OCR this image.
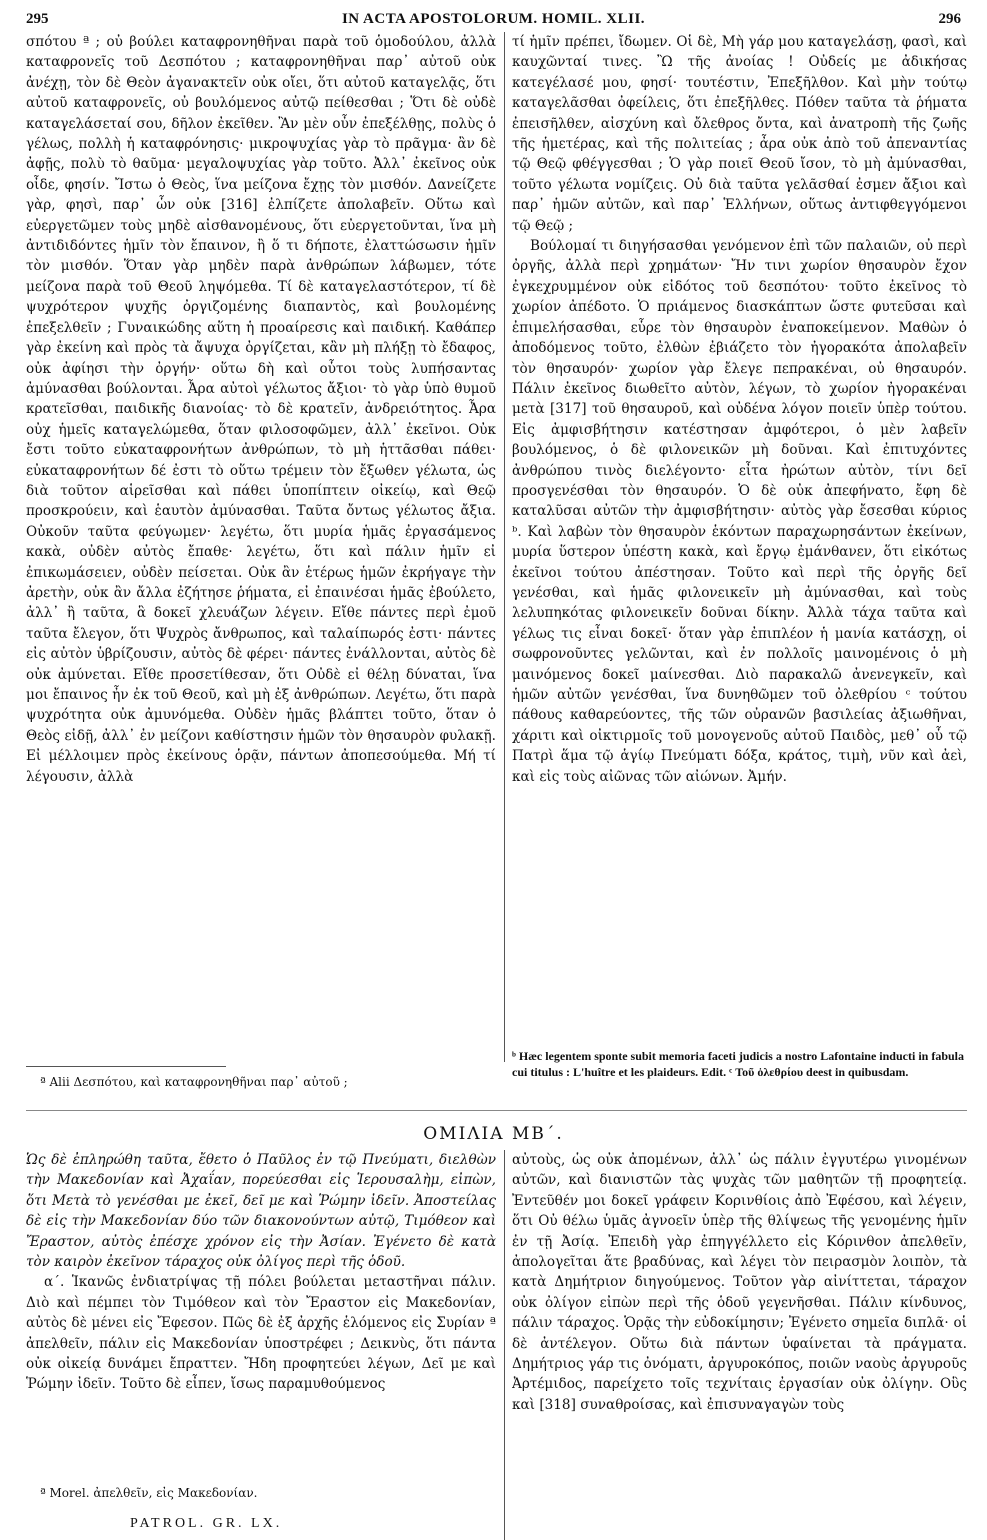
295	IN ACTA APOSTOLORUM. HOMIL. XLII.	296

σπότου ª ; οὐ βούλει καταφρονηθῆναι παρὰ τοῦ ὁμοδούλου, ἀλλὰ καταφρονεῖς τοῦ Δεσπότου ; καταφρονηθῆναι παρ᾽ αὐτοῦ οὐκ ἀνέχῃ, τὸν δὲ Θεὸν ἀγανακτεῖν οὐκ οἴει, ὅτι αὐτοῦ καταγελᾷς, ὅτι αὐτοῦ καταφρονεῖς, οὐ βουλόμενος αὐτῷ πείθεσθαι ; Ὅτι δὲ οὐδὲ καταγελάσεταί σου, δῆλον ἐκεῖθεν. Ἂν μὲν οὖν ἐπεξέλθῃς, πολὺς ὁ γέλως, πολλὴ ἡ καταφρόνησις· μικροψυχίας γὰρ τὸ πρᾶγμα· ἂν δὲ ἀφῇς, πολὺ τὸ θαῦμα· μεγαλοψυχίας γὰρ τοῦτο. Ἀλλ᾽ ἐκεῖνος οὐκ οἶδε, φησίν. Ἴστω ὁ Θεὸς, ἵνα μείζονα ἔχῃς τὸν μισθόν. Δανείζετε γὰρ, φησὶ, παρ᾽ ὧν οὐκ [316] ἐλπίζετε ἀπολαβεῖν. Οὕτω καὶ εὐεργετῶμεν τοὺς μηδὲ αἰσθανομένους, ὅτι εὐεργετοῦνται, ἵνα μὴ ἀντιδιδόντες ἡμῖν τὸν ἔπαινον, ἢ ὅ τι δήποτε, ἐλαττώσωσιν ἡμῖν τὸν μισθόν. Ὅταν γὰρ μηδὲν παρὰ ἀνθρώπων λάβωμεν, τότε μείζονα παρὰ τοῦ Θεοῦ ληψόμεθα. Τί δὲ καταγελαστότερον, τί δὲ ψυχρότερον ψυχῆς ὀργιζομένης διαπαντὸς, καὶ βουλομένης ἐπεξελθεῖν ; Γυναικώδης αὕτη ἡ προαίρεσις καὶ παιδική. Καθάπερ γὰρ ἐκείνη καὶ πρὸς τὰ ἄψυχα ὀργίζεται, κἂν μὴ πλήξῃ τὸ ἔδαφος, οὐκ ἀφίησι τὴν ὀργήν· οὕτω δὴ καὶ οὗτοι τοὺς λυπήσαντας ἀμύνασθαι βούλονται. Ἆρα αὐτοὶ γέλωτος ἄξιοι· τὸ γὰρ ὑπὸ θυμοῦ κρατεῖσθαι, παιδικῆς διανοίας· τὸ δὲ κρατεῖν, ἀνδρειότητος. Ἆρα οὐχ ἡμεῖς καταγελώμεθα, ὅταν φιλοσοφῶμεν, ἀλλ᾽ ἐκεῖνοι. Οὐκ ἔστι τοῦτο εὐκαταφρονήτων ἀνθρώπων, τὸ μὴ ἡττᾶσθαι πάθει· εὐκαταφρονήτων δέ ἐστι τὸ οὕτω τρέμειν τὸν ἔξωθεν γέλωτα, ὡς διὰ τοῦτον αἱρεῖσθαι καὶ πάθει ὑποπίπτειν οἰκείῳ, καὶ Θεῷ προσκρούειν, καὶ ἑαυτὸν ἀμύνασθαι. Ταῦτα ὄντως γέλωτος ἄξια. Οὐκοῦν ταῦτα φεύγωμεν· λεγέτω, ὅτι μυρία ἡμᾶς ἐργασάμενος κακὰ, οὐδὲν αὐτὸς ἔπαθε· λεγέτω, ὅτι καὶ πάλιν ἡμῖν εἰ ἐπικωμάσειεν, οὐδὲν πείσεται. Οὐκ ἂν ἑτέρως ἡμῶν ἐκρήγαγε τὴν ἀρετὴν, οὐκ ἂν ἄλλα ἐζήτησε ῥήματα, εἰ ἐπαινέσαι ἡμᾶς ἐβούλετο, ἀλλ᾽ ἢ ταῦτα, ἃ δοκεῖ χλευάζων λέγειν. Εἴθε πάντες περὶ ἐμοῦ ταῦτα ἔλεγον, ὅτι Ψυχρὸς ἄνθρωπος, καὶ ταλαίπωρός ἐστι· πάντες εἰς αὐτὸν ὑβρίζουσιν, αὐτὸς δὲ φέρει· πάντες ἐνάλλονται, αὐτὸς δὲ οὐκ ἀμύνεται. Εἴθε προσετίθεσαν, ὅτι Οὐδὲ εἰ θέλῃ δύναται, ἵνα μοι ἔπαινος ἦν ἐκ τοῦ Θεοῦ, καὶ μὴ ἐξ ἀνθρώπων. Λεγέτω, ὅτι παρὰ ψυχρότητα οὐκ ἀμυνόμεθα. Οὐδὲν ἡμᾶς βλάπτει τοῦτο, ὅταν ὁ Θεὸς εἰδῇ, ἀλλ᾽ ἐν μείζονι καθίστησιν ἡμῶν τὸν θησαυρὸν φυλακῇ. Εἰ μέλλοιμεν πρὸς ἐκείνους ὁρᾷν, πάντων ἀποπεσούμεθα. Μή τί λέγουσιν, ἀλλὰ

τί ἡμῖν πρέπει, ἴδωμεν. Οἱ δὲ, Μὴ γάρ μου καταγελάσῃ, φασὶ, καὶ καυχῶνταί τινες. Ὢ τῆς ἀνοίας ! Οὐδείς με ἀδικήσας κατεγέλασέ μου, φησί· τουτέστιν, Ἐπεξῆλθον. Καὶ μὴν τούτῳ καταγελᾶσθαι ὀφείλεις, ὅτι ἐπεξῆλθες. Πόθεν ταῦτα τὰ ῥήματα ἐπεισῆλθεν, αἰσχύνη καὶ ὄλεθρος ὄντα, καὶ ἀνατροπὴ τῆς ζωῆς τῆς ἡμετέρας, καὶ τῆς πολιτείας ; ἆρα οὐκ ἀπὸ τοῦ ἀπεναντίας τῷ Θεῷ φθέγγεσθαι ; Ὁ γὰρ ποιεῖ Θεοῦ ἴσον, τὸ μὴ ἀμύνασθαι, τοῦτο γέλωτα νομίζεις. Οὐ διὰ ταῦτα γελᾶσθαί ἐσμεν ἄξιοι καὶ παρ᾽ ἡμῶν αὐτῶν, καὶ παρ᾽ Ἑλλήνων, οὕτως ἀντιφθεγγόμενοι τῷ Θεῷ ;

Βούλομαί τι διηγήσασθαι γενόμενον ἐπὶ τῶν παλαιῶν, οὐ περὶ ὀργῆς, ἀλλὰ περὶ χρημάτων· Ἤν τινι χωρίον θησαυρὸν ἔχον ἐγκεχρυμμένον οὐκ εἰδότος τοῦ δεσπότου· τοῦτο ἐκεῖνος τὸ χωρίον ἀπέδοτο. Ὁ πριάμενος διασκάπτων ὥστε φυτεῦσαι καὶ ἐπιμελήσασθαι, εὗρε τὸν θησαυρὸν ἐναποκείμενον. Μαθὼν ὁ ἀποδόμενος τοῦτο, ἐλθὼν ἐβιάζετο τὸν ἠγορακότα ἀπολαβεῖν τὸν θησαυρόν· χωρίον γὰρ ἔλεγε πεπρακέναι, οὐ θησαυρόν. Πάλιν ἐκεῖνος διωθεῖτο αὐτὸν, λέγων, τὸ χωρίον ἠγορακέναι μετὰ [317] τοῦ θησαυροῦ, καὶ οὐδένα λόγον ποιεῖν ὑπὲρ τούτου. Εἰς ἀμφισβήτησιν κατέστησαν ἀμφότεροι, ὁ μὲν λαβεῖν βουλόμενος, ὁ δὲ φιλονεικῶν μὴ δοῦναι. Καὶ ἐπιτυχόντες ἀνθρώπου τινὸς διελέγοντο· εἶτα ἠρώτων αὐτὸν, τίνι δεῖ προσγενέσθαι τὸν θησαυρόν. Ὁ δὲ οὐκ ἀπεφήνατο, ἔφη δὲ καταλῦσαι αὐτῶν τὴν ἀμφισβήτησιν· αὐτὸς γὰρ ἔσεσθαι κύριος ᵇ. Καὶ λαβὼν τὸν θησαυρὸν ἑκόντων παραχωρησάντων ἐκείνων, μυρία ὕστερον ὑπέστη κακὰ, καὶ ἔργῳ ἐμάνθανεν, ὅτι εἰκότως ἐκεῖνοι τούτου ἀπέστησαν. Τοῦτο καὶ περὶ τῆς ὀργῆς δεῖ γενέσθαι, καὶ ἡμᾶς φιλονεικεῖν μὴ ἀμύνασθαι, καὶ τοὺς λελυπηκότας φιλονεικεῖν δοῦναι δίκην. Ἀλλὰ τάχα ταῦτα καὶ γέλως τις εἶναι δοκεῖ· ὅταν γὰρ ἐπιπλέον ἡ μανία κατάσχῃ, οἱ σωφρονοῦντες γελῶνται, καὶ ἐν πολλοῖς μαινομένοις ὁ μὴ μαινόμενος δοκεῖ μαίνεσθαι. Διὸ παρακαλῶ ἀνενεγκεῖν, καὶ ἡμῶν αὐτῶν γενέσθαι, ἵνα δυνηθῶμεν τοῦ ὀλεθρίου ᶜ τούτου πάθους καθαρεύοντες, τῆς τῶν οὐρανῶν βασιλείας ἀξιωθῆναι, χάριτι καὶ οἰκτιρμοῖς τοῦ μονογενοῦς αὐτοῦ Παιδὸς, μεθ᾽ οὗ τῷ Πατρὶ ἅμα τῷ ἁγίῳ Πνεύματι δόξα, κράτος, τιμὴ, νῦν καὶ ἀεὶ, καὶ εἰς τοὺς αἰῶνας τῶν αἰώνων. Ἀμήν.

ª Alii Δεσπότου, καὶ καταφρονηθῆναι παρ᾽ αὐτοῦ ;
ᵇ Hæc legentem sponte subit memoria faceti judicis a nostro Lafontaine inducti in fabula cui titulus : L'huître et les plaideurs. Edit. ᶜ Τοῦ ὀλεθρίου deest in quibusdam.
ΟΜΙΛΙΑ ΜΒ΄.

Ὡς δὲ ἐπληρώθη ταῦτα, ἔθετο ὁ Παῦλος ἐν τῷ Πνεύματι, διελθὼν τὴν Μακεδονίαν καὶ Ἀχαΐαν, πορεύεσθαι εἰς Ἱερουσαλὴμ, εἰπὼν, ὅτι Μετὰ τὸ γενέσθαι με ἐκεῖ, δεῖ με καὶ Ῥώμην ἰδεῖν. Ἀποστείλας δὲ εἰς τὴν Μακεδονίαν δύο τῶν διακονούντων αὐτῷ, Τιμόθεον καὶ Ἔραστον, αὐτὸς ἐπέσχε χρόνον εἰς τὴν Ἀσίαν. Ἐγένετο δὲ κατὰ τὸν καιρὸν ἐκεῖνον τάραχος οὐκ ὀλίγος περὶ τῆς ὁδοῦ.

α΄. Ἱκανῶς ἐνδιατρίψας τῇ πόλει βούλεται μεταστῆναι πάλιν. Διὸ καὶ πέμπει τὸν Τιμόθεον καὶ τὸν Ἔραστον εἰς Μακεδονίαν, αὐτὸς δὲ μένει εἰς Ἔφεσον. Πῶς δὲ ἐξ ἀρχῆς ἑλόμενος εἰς Συρίαν ª ἀπελθεῖν, πάλιν εἰς Μακεδονίαν ὑποστρέφει ; Δεικνὺς, ὅτι πάντα οὐκ οἰκείᾳ δυνάμει ἔπραττεν. Ἤδη προφητεύει λέγων, Δεῖ με καὶ Ῥώμην ἰδεῖν. Τοῦτο δὲ εἶπεν, ἴσως παραμυθούμενος

αὐτοὺς, ὡς οὐκ ἀπομένων, ἀλλ᾽ ὡς πάλιν ἐγγυτέρω γινομένων αὐτῶν, καὶ διανιστῶν τὰς ψυχὰς τῶν μαθητῶν τῇ προφητείᾳ. Ἐντεῦθέν μοι δοκεῖ γράφειν Κορινθίοις ἀπὸ Ἐφέσου, καὶ λέγειν, ὅτι Οὐ θέλω ὑμᾶς ἀγνοεῖν ὑπὲρ τῆς θλίψεως τῆς γενομένης ἡμῖν ἐν τῇ Ἀσίᾳ. Ἐπειδὴ γὰρ ἐπηγγέλλετο εἰς Κόρινθον ἀπελθεῖν, ἀπολογεῖται ἅτε βραδύνας, καὶ λέγει τὸν πειρασμὸν λοιπὸν, τὰ κατὰ Δημήτριον διηγούμενος. Τοῦτον γὰρ αἰνίττεται, τάραχον οὐκ ὀλίγον εἰπὼν περὶ τῆς ὁδοῦ γεγενῆσθαι. Πάλιν κίνδυνος, πάλιν τάραχος. Ὁρᾷς τὴν εὐδοκίμησιν; Ἐγένετο σημεῖα διπλᾶ· οἱ δὲ ἀντέλεγον. Οὕτω διὰ πάντων ὑφαίνεται τὰ πράγματα. Δημήτριος γάρ τις ὀνόματι, ἀργυροκόπος, ποιῶν ναοὺς ἀργυροῦς Ἀρτέμιδος, παρείχετο τοῖς τεχνίταις ἐργασίαν οὐκ ὀλίγην. Οὓς καὶ [318] συναθροίσας, καὶ ἐπισυναγαγὼν τοὺς

ª Morel. ἀπελθεῖν, εἰς Μακεδονίαν.
PATROL. GR. LX.
